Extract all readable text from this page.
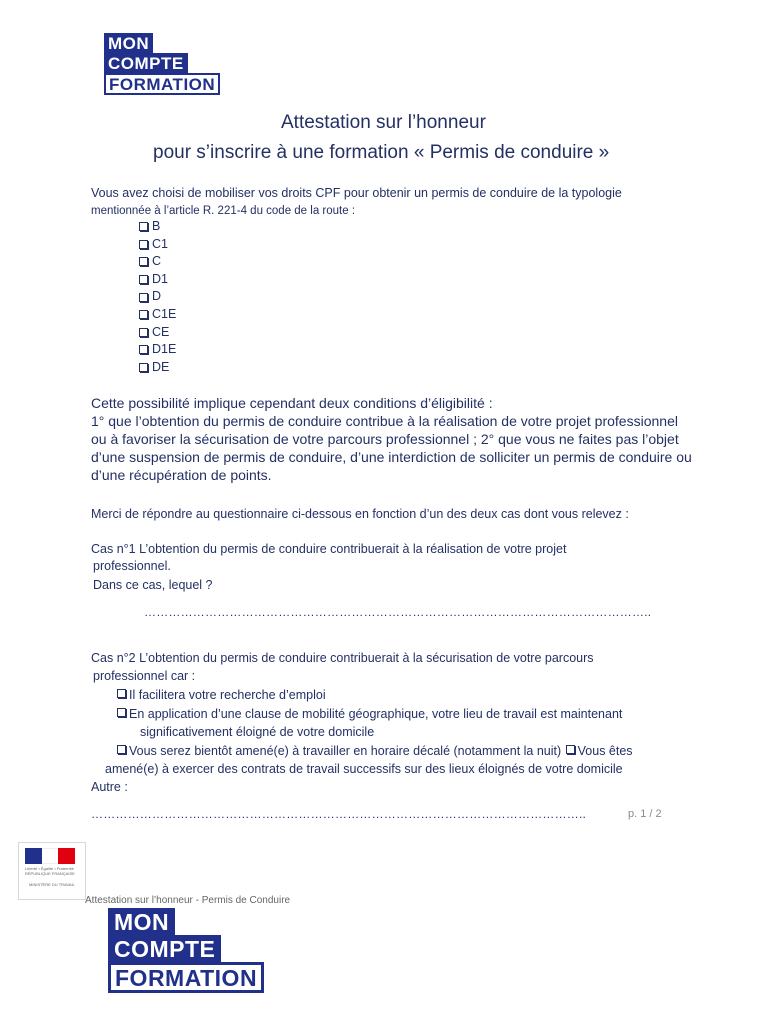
MON
COMPTE
FORMATION
Attestation sur l’honneur
pour s’inscrire à une formation « Permis de conduire »
Vous avez choisi de mobiliser vos droits CPF pour obtenir un permis de conduire de la typologie
mentionnée à l’article R. 221-4 du code de la route :
B
C1
C
D1
D
C1E
CE
D1E
DE
Cette possibilité implique cependant deux conditions d’éligibilité :
1° que l’obtention du permis de conduire contribue à la réalisation de votre projet professionnel
ou à favoriser la sécurisation de votre parcours professionnel ; 2° que vous ne faites pas l’objet
d’une suspension de permis de conduire, d’une interdiction de solliciter un permis de conduire ou
d’une récupération de points.
Merci de répondre au questionnaire ci-dessous en fonction d’un des deux cas dont vous relevez :
Cas n°1 L’obtention du permis de conduire contribuerait à la réalisation de votre projet
professionnel.
Dans ce cas, lequel ?
……………………………………………………………………………………………………………..
Cas n°2 L’obtention du permis de conduire contribuerait à la sécurisation de votre parcours
professionnel car :
Il facilitera votre recherche d’emploi
En application d’une clause de mobilité géographique, votre lieu de travail est maintenant
significativement éloigné de votre domicile
Vous serez bientôt amené(e) à travailler en horaire décalé (notamment la nuit) Vous êtes
amené(e) à exercer des contrats de travail successifs sur des lieux éloignés de votre domicile
Autre :
…………………………………………………………………………………………………………..	p. 1 / 2
Liberté • Égalité • Fraternité
RÉPUBLIQUE FRANÇAISE
MINISTÈRE DU TRAVAIL
Attestation sur l’honneur - Permis de Conduire
MON
COMPTE
FORMATION
